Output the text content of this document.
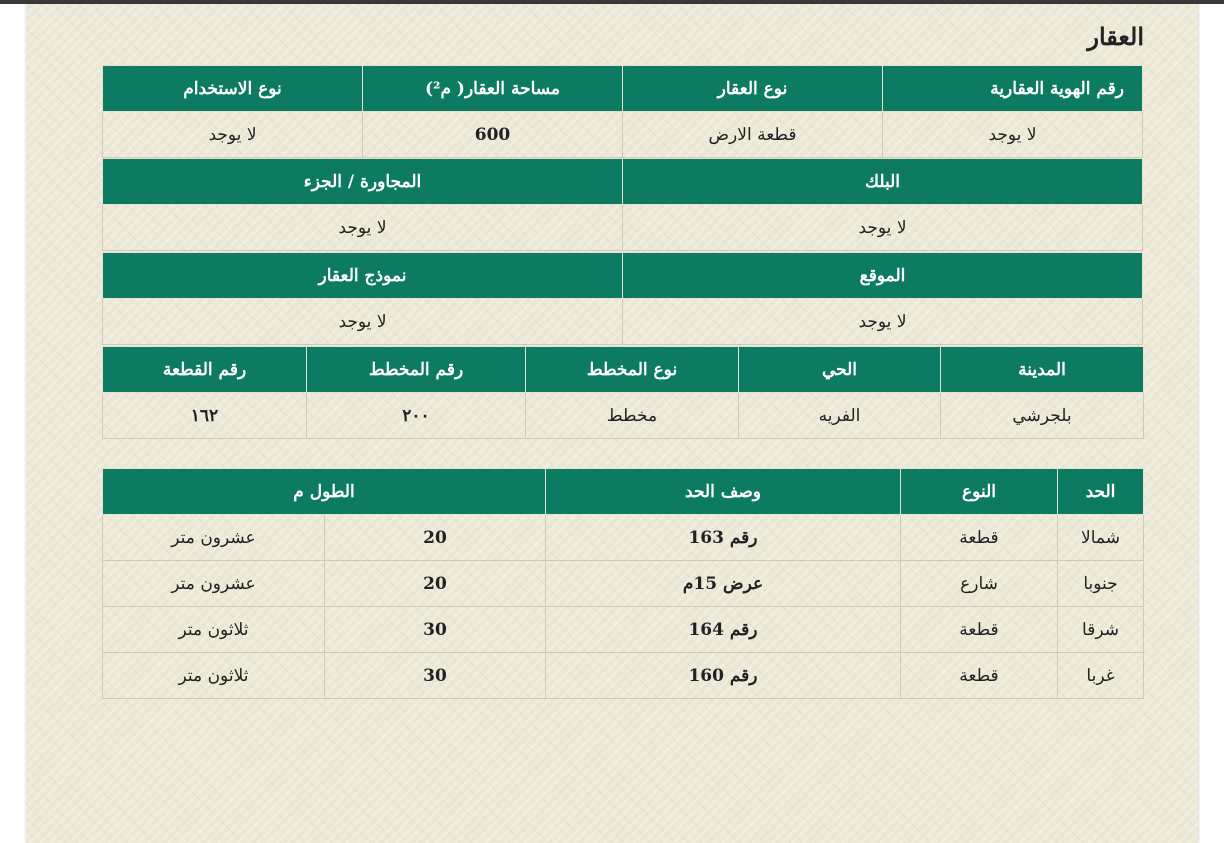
العقار
رقم الهوية العقارية	نوع العقار	مساحة العقار( م²)	نوع الاستخدام
لا يوجد	قطعة الارض	600	لا يوجد
البلك	المجاورة / الجزء
لا يوجد	لا يوجد
الموقع	نموذج العقار
لا يوجد	لا يوجد
المدينة	الحي	نوع المخطط	رقم المخطط	رقم القطعة
بلجرشي	الفريه	مخطط	٢٠٠	١٦٢
الحد	النوع	وصف الحد	الطول م	
شمالا	قطعة	رقم 163	20	عشرون متر
جنوبا	شارع	عرض 15م	20	عشرون متر
شرقا	قطعة	رقم 164	30	ثلاثون متر
غربا	قطعة	رقم 160	30	ثلاثون متر
